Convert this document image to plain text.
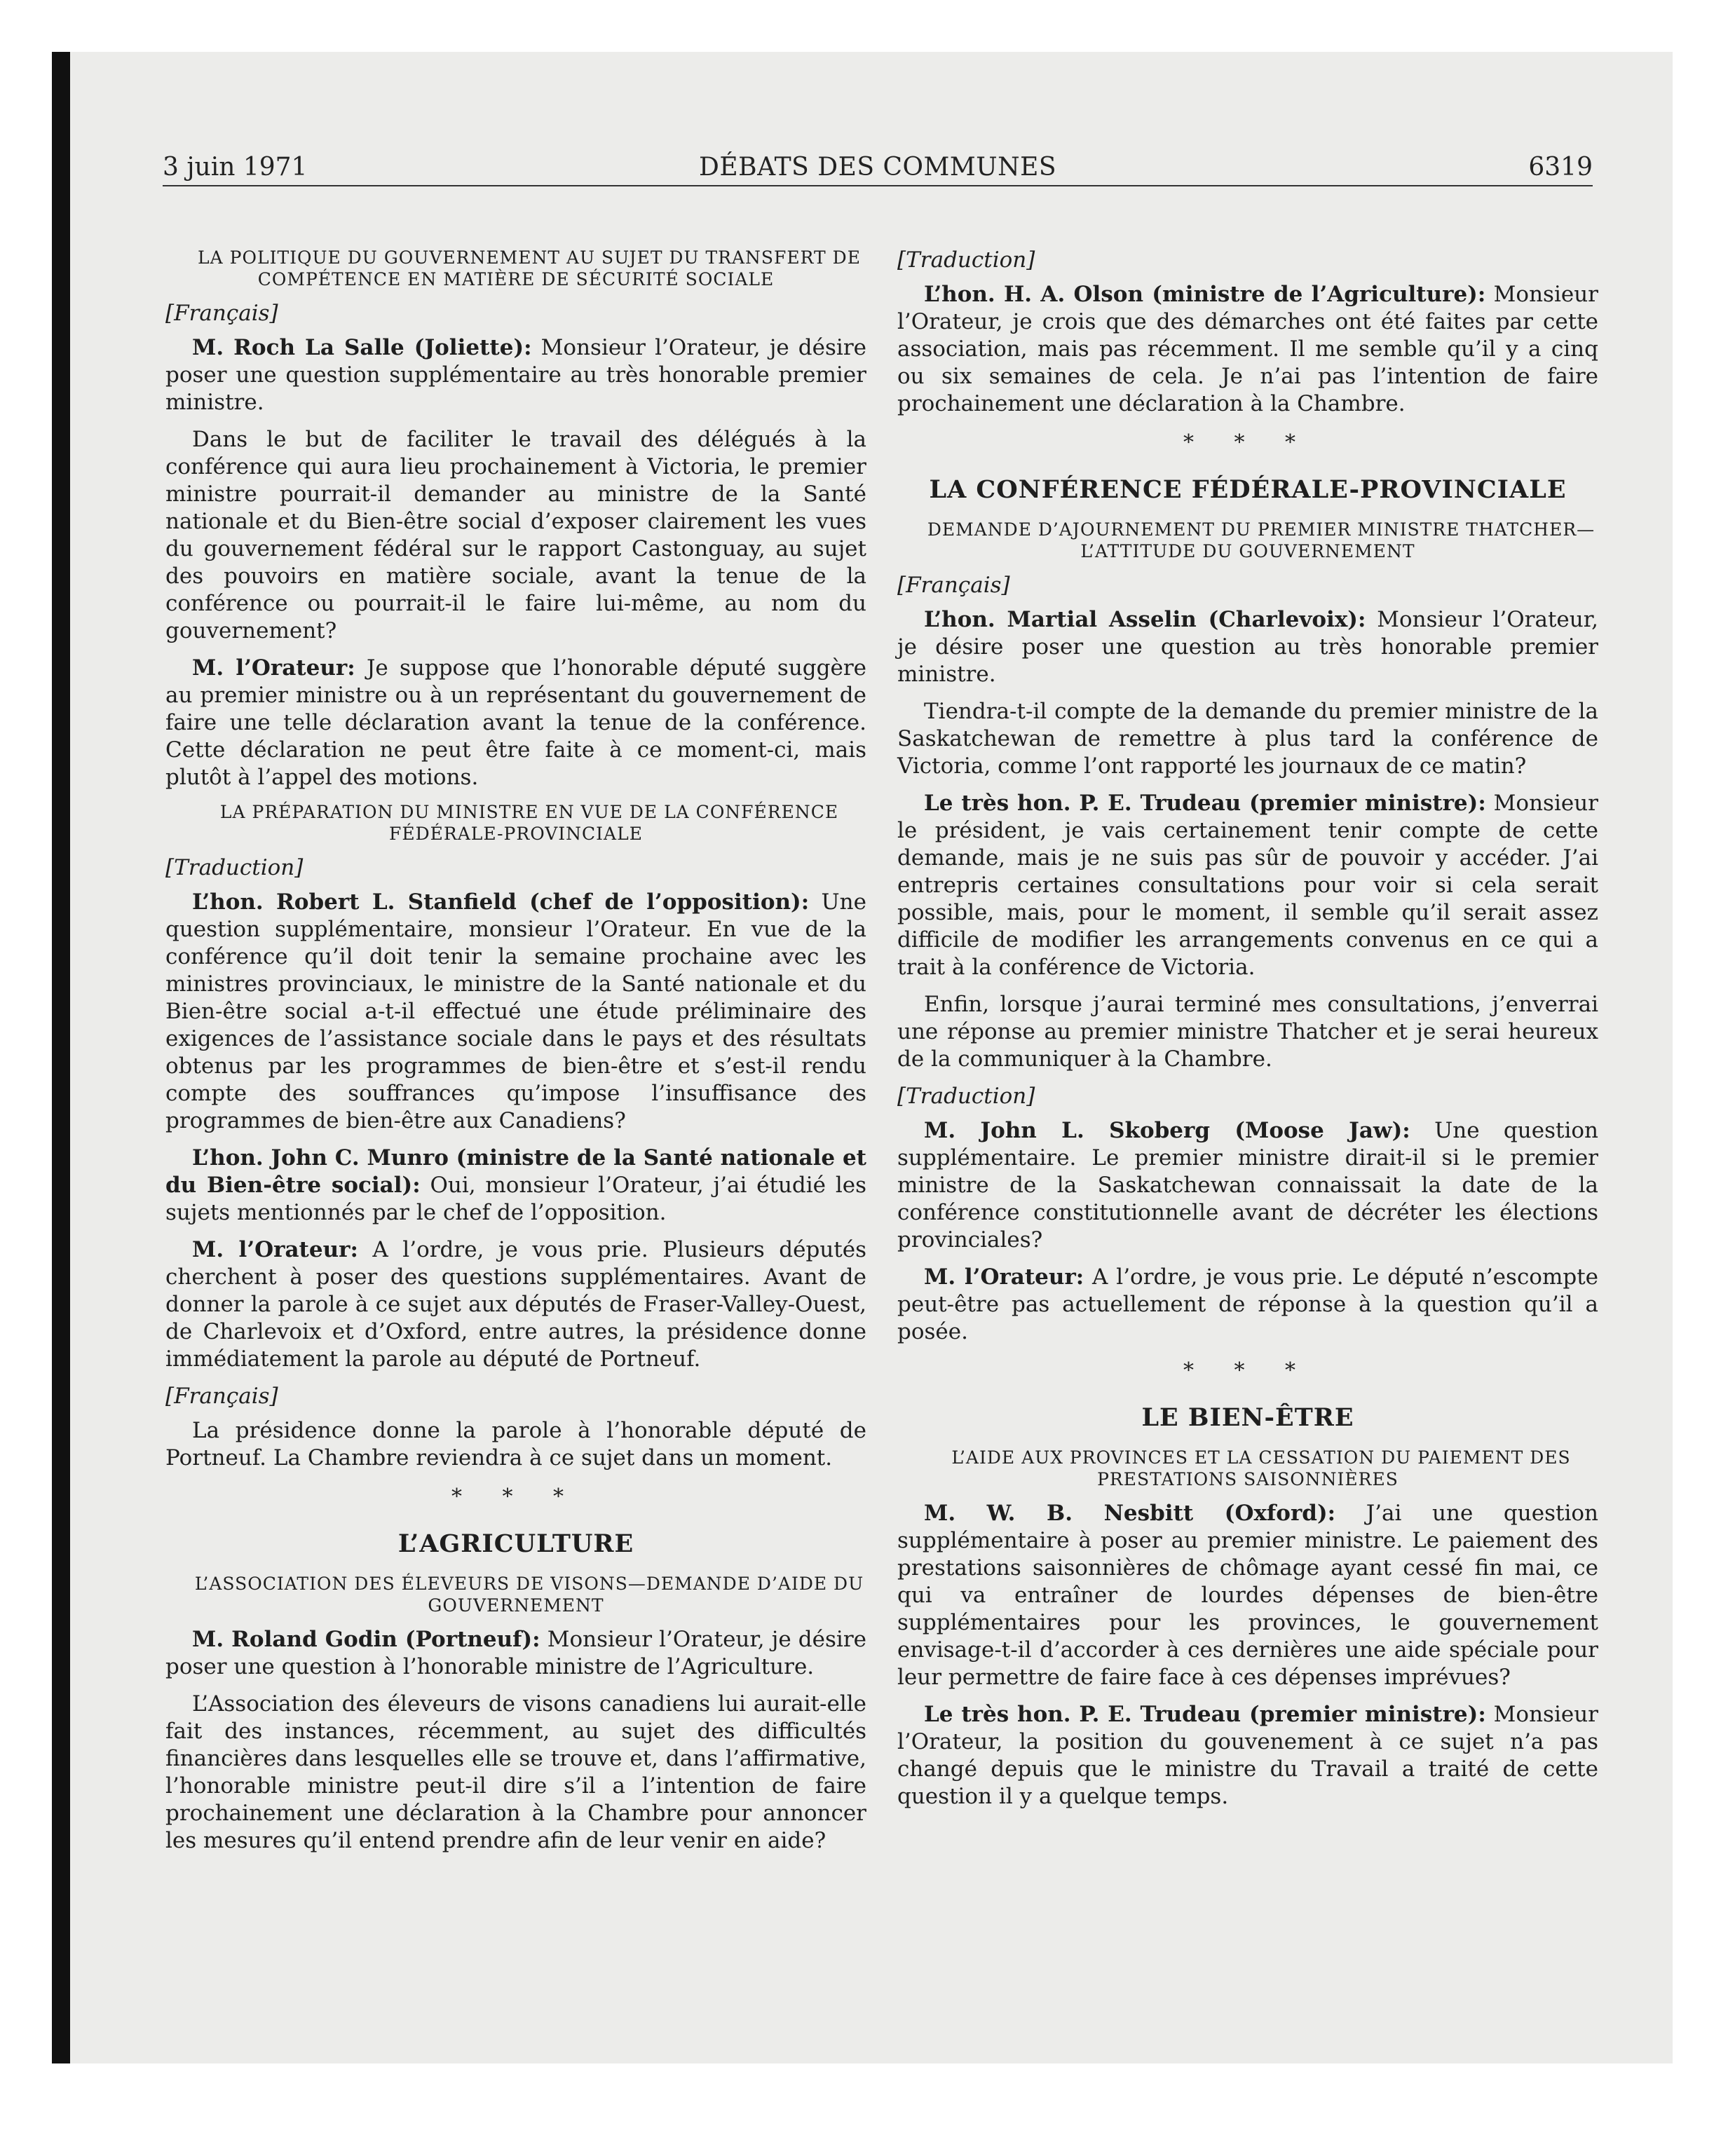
3 juin 1971	DÉBATS DES COMMUNES	6319

LA POLITIQUE DU GOUVERNEMENT AU SUJET DU TRANSFERT DE COMPÉTENCE EN MATIÈRE DE SÉCURITÉ SOCIALE

[Français]

M. Roch La Salle (Joliette): Monsieur l’Orateur, je désire poser une question supplémentaire au très honorable premier ministre.

Dans le but de faciliter le travail des délégués à la conférence qui aura lieu prochainement à Victoria, le premier ministre pourrait-il demander au ministre de la Santé nationale et du Bien-être social d’exposer clairement les vues du gouvernement fédéral sur le rapport Castonguay, au sujet des pouvoirs en matière sociale, avant la tenue de la conférence ou pourrait-il le faire lui-même, au nom du gouvernement?

M. l’Orateur: Je suppose que l’honorable député suggère au premier ministre ou à un représentant du gouvernement de faire une telle déclaration avant la tenue de la conférence. Cette déclaration ne peut être faite à ce moment-ci, mais plutôt à l’appel des motions.

LA PRÉPARATION DU MINISTRE EN VUE DE LA CONFÉRENCE FÉDÉRALE-PROVINCIALE

[Traduction]

L’hon. Robert L. Stanfield (chef de l’opposition): Une question supplémentaire, monsieur l’Orateur. En vue de la conférence qu’il doit tenir la semaine prochaine avec les ministres provinciaux, le ministre de la Santé nationale et du Bien-être social a-t-il effectué une étude préliminaire des exigences de l’assistance sociale dans le pays et des résultats obtenus par les programmes de bien-être et s’est-il rendu compte des souffrances qu’impose l’insuffisance des programmes de bien-être aux Canadiens?

L’hon. John C. Munro (ministre de la Santé nationale et du Bien-être social): Oui, monsieur l’Orateur, j’ai étudié les sujets mentionnés par le chef de l’opposition.

M. l’Orateur: A l’ordre, je vous prie. Plusieurs députés cherchent à poser des questions supplémentaires. Avant de donner la parole à ce sujet aux députés de Fraser-Valley-Ouest, de Charlevoix et d’Oxford, entre autres, la présidence donne immédiatement la parole au député de Portneuf.

[Français]

La présidence donne la parole à l’honorable député de Portneuf. La Chambre reviendra à ce sujet dans un moment.

* * *
L’AGRICULTURE

L’ASSOCIATION DES ÉLEVEURS DE VISONS—DEMANDE D’AIDE DU GOUVERNEMENT

M. Roland Godin (Portneuf): Monsieur l’Orateur, je désire poser une question à l’honorable ministre de l’Agriculture.

L’Association des éleveurs de visons canadiens lui aurait-elle fait des instances, récemment, au sujet des difficultés financières dans lesquelles elle se trouve et, dans l’affirmative, l’honorable ministre peut-il dire s’il a l’intention de faire prochainement une déclaration à la Chambre pour annoncer les mesures qu’il entend prendre afin de leur venir en aide?

[Traduction]

L’hon. H. A. Olson (ministre de l’Agriculture): Monsieur l’Orateur, je crois que des démarches ont été faites par cette association, mais pas récemment. Il me semble qu’il y a cinq ou six semaines de cela. Je n’ai pas l’intention de faire prochainement une déclaration à la Chambre.

* * *
LA CONFÉRENCE FÉDÉRALE-PROVINCIALE

DEMANDE D’AJOURNEMENT DU PREMIER MINISTRE THATCHER—L’ATTITUDE DU GOUVERNEMENT

[Français]

L’hon. Martial Asselin (Charlevoix): Monsieur l’Orateur, je désire poser une question au très honorable premier ministre.

Tiendra-t-il compte de la demande du premier ministre de la Saskatchewan de remettre à plus tard la conférence de Victoria, comme l’ont rapporté les journaux de ce matin?

Le très hon. P. E. Trudeau (premier ministre): Monsieur le président, je vais certainement tenir compte de cette demande, mais je ne suis pas sûr de pouvoir y accéder. J’ai entrepris certaines consultations pour voir si cela serait possible, mais, pour le moment, il semble qu’il serait assez difficile de modifier les arrangements convenus en ce qui a trait à la conférence de Victoria.

Enfin, lorsque j’aurai terminé mes consultations, j’enverrai une réponse au premier ministre Thatcher et je serai heureux de la communiquer à la Chambre.

[Traduction]

M. John L. Skoberg (Moose Jaw): Une question supplémentaire. Le premier ministre dirait-il si le premier ministre de la Saskatchewan connaissait la date de la conférence constitutionnelle avant de décréter les élections provinciales?

M. l’Orateur: A l’ordre, je vous prie. Le député n’escompte peut-être pas actuellement de réponse à la question qu’il a posée.

* * *
LE BIEN-ÊTRE

L’AIDE AUX PROVINCES ET LA CESSATION DU PAIEMENT DES PRESTATIONS SAISONNIÈRES

M. W. B. Nesbitt (Oxford): J’ai une question supplémentaire à poser au premier ministre. Le paiement des prestations saisonnières de chômage ayant cessé fin mai, ce qui va entraîner de lourdes dépenses de bien-être supplémentaires pour les provinces, le gouvernement envisage-t-il d’accorder à ces dernières une aide spéciale pour leur permettre de faire face à ces dépenses imprévues?

Le très hon. P. E. Trudeau (premier ministre): Monsieur l’Orateur, la position du gouvenement à ce sujet n’a pas changé depuis que le ministre du Travail a traité de cette question il y a quelque temps.
